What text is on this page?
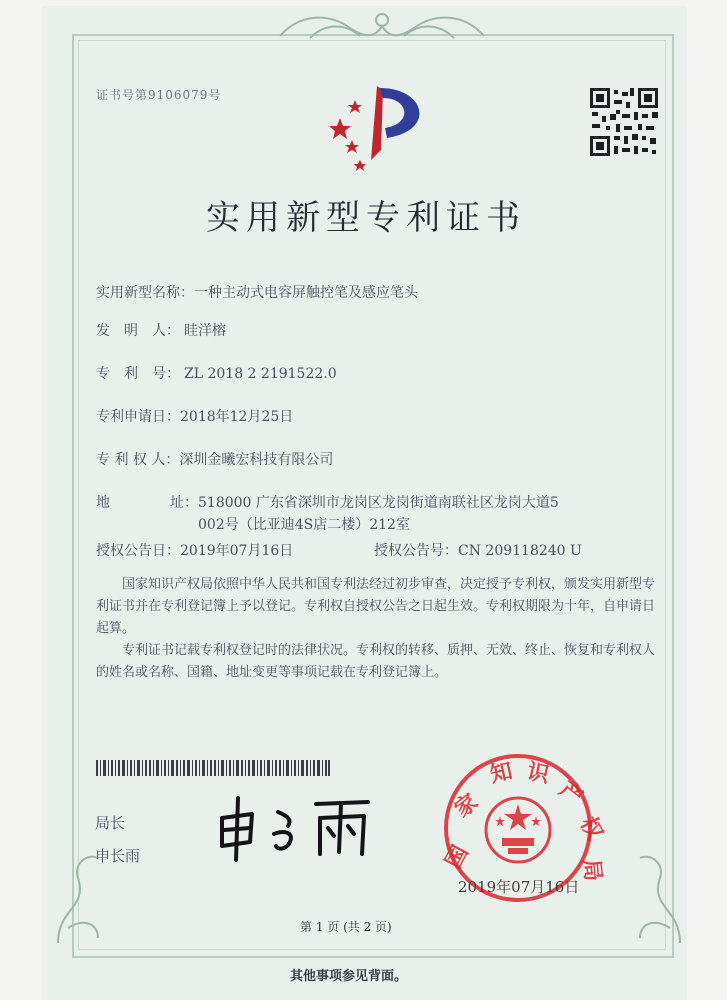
证书号第9106079号
实用新型专利证书
实用新型名称：一种主动式电容屏触控笔及感应笔头
发　明　人： 眭洋榕
专　利　号： ZL 2018 2 2191522.0
专利申请日：2018年12月25日
专 利 权 人：深圳金曦宏科技有限公司
地	址： 518000 广东省深圳市龙岗区龙岗街道南联社区龙岗大道5
002号（比亚迪4S店二楼）212室
授权公告日：2019年07月16日	授权公告号：CN 209118240 U
　　国家知识产权局依照中华人民共和国专利法经过初步审查，决定授予专利权，颁发实用新型专利证书并在专利登记簿上予以登记。专利权自授权公告之日起生效。专利权期限为十年，自申请日起算。
　　专利证书记载专利权登记时的法律状况。专利权的转移、质押、无效、终止、恢复和专利权人的姓名或名称、国籍、地址变更等事项记载在专利登记簿上。
局长
申长雨	国
家
知 识
产
权
局
2019年07月16日
第 1 页 (共 2 页)
其他事项参见背面。
